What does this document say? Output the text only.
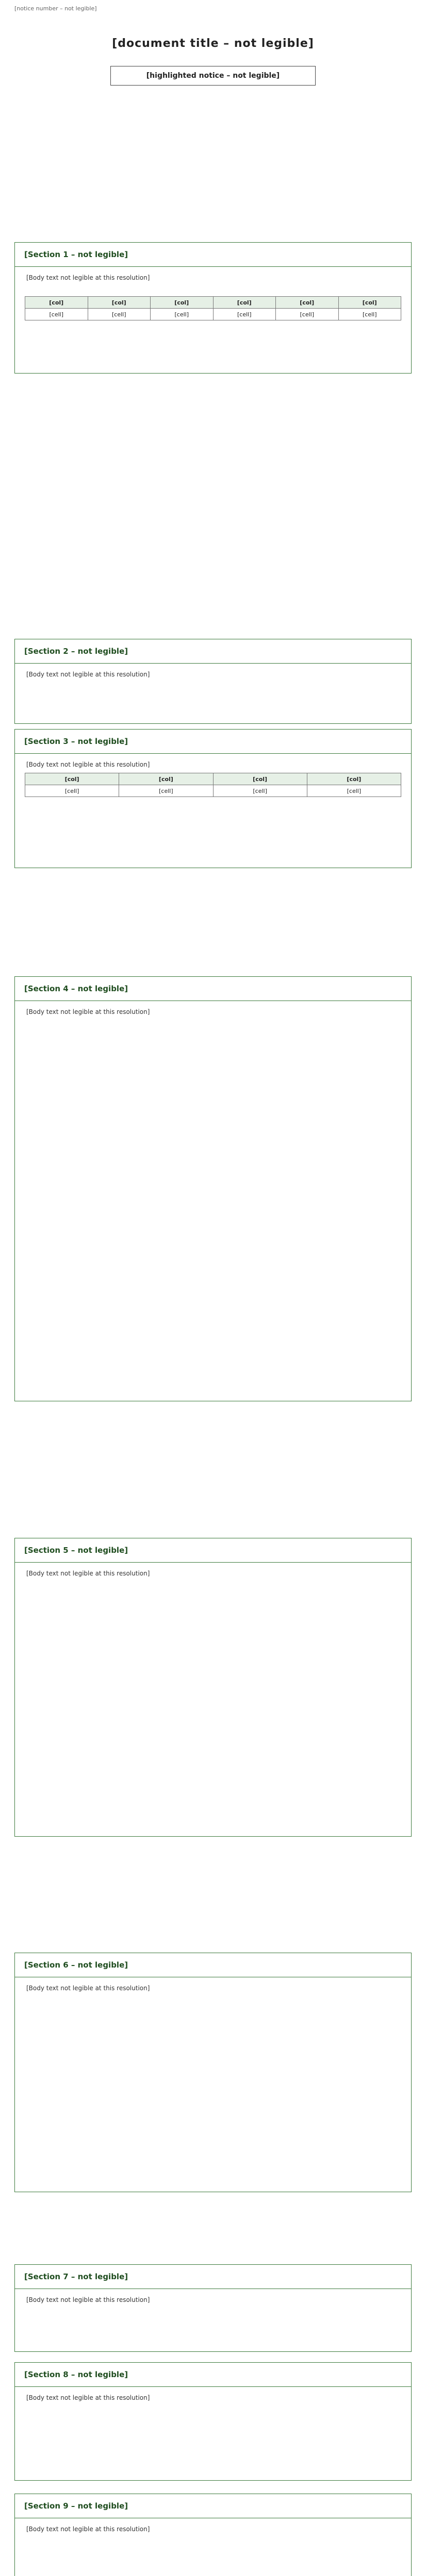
[notice number – not legible]
[document title – not legible]
[highlighted notice – not legible]
[Section 1 – not legible]
[Body text not legible at this resolution]
[col]	[col]	[col]	[col]	[col]	[col]
[cell]	[cell]	[cell]	[cell]	[cell]	[cell]
[Section 2 – not legible]
[Body text not legible at this resolution]
[Section 3 – not legible]
[Body text not legible at this resolution]
[col]	[col]	[col]	[col]
[cell]	[cell]	[cell]	[cell]
[Section 4 – not legible]
[Body text not legible at this resolution]
[Section 5 – not legible]
[Body text not legible at this resolution]
[Section 6 – not legible]
[Body text not legible at this resolution]
[Section 7 – not legible]
[Body text not legible at this resolution]
[Section 8 – not legible]
[Body text not legible at this resolution]
[Section 9 – not legible]
[Body text not legible at this resolution]
